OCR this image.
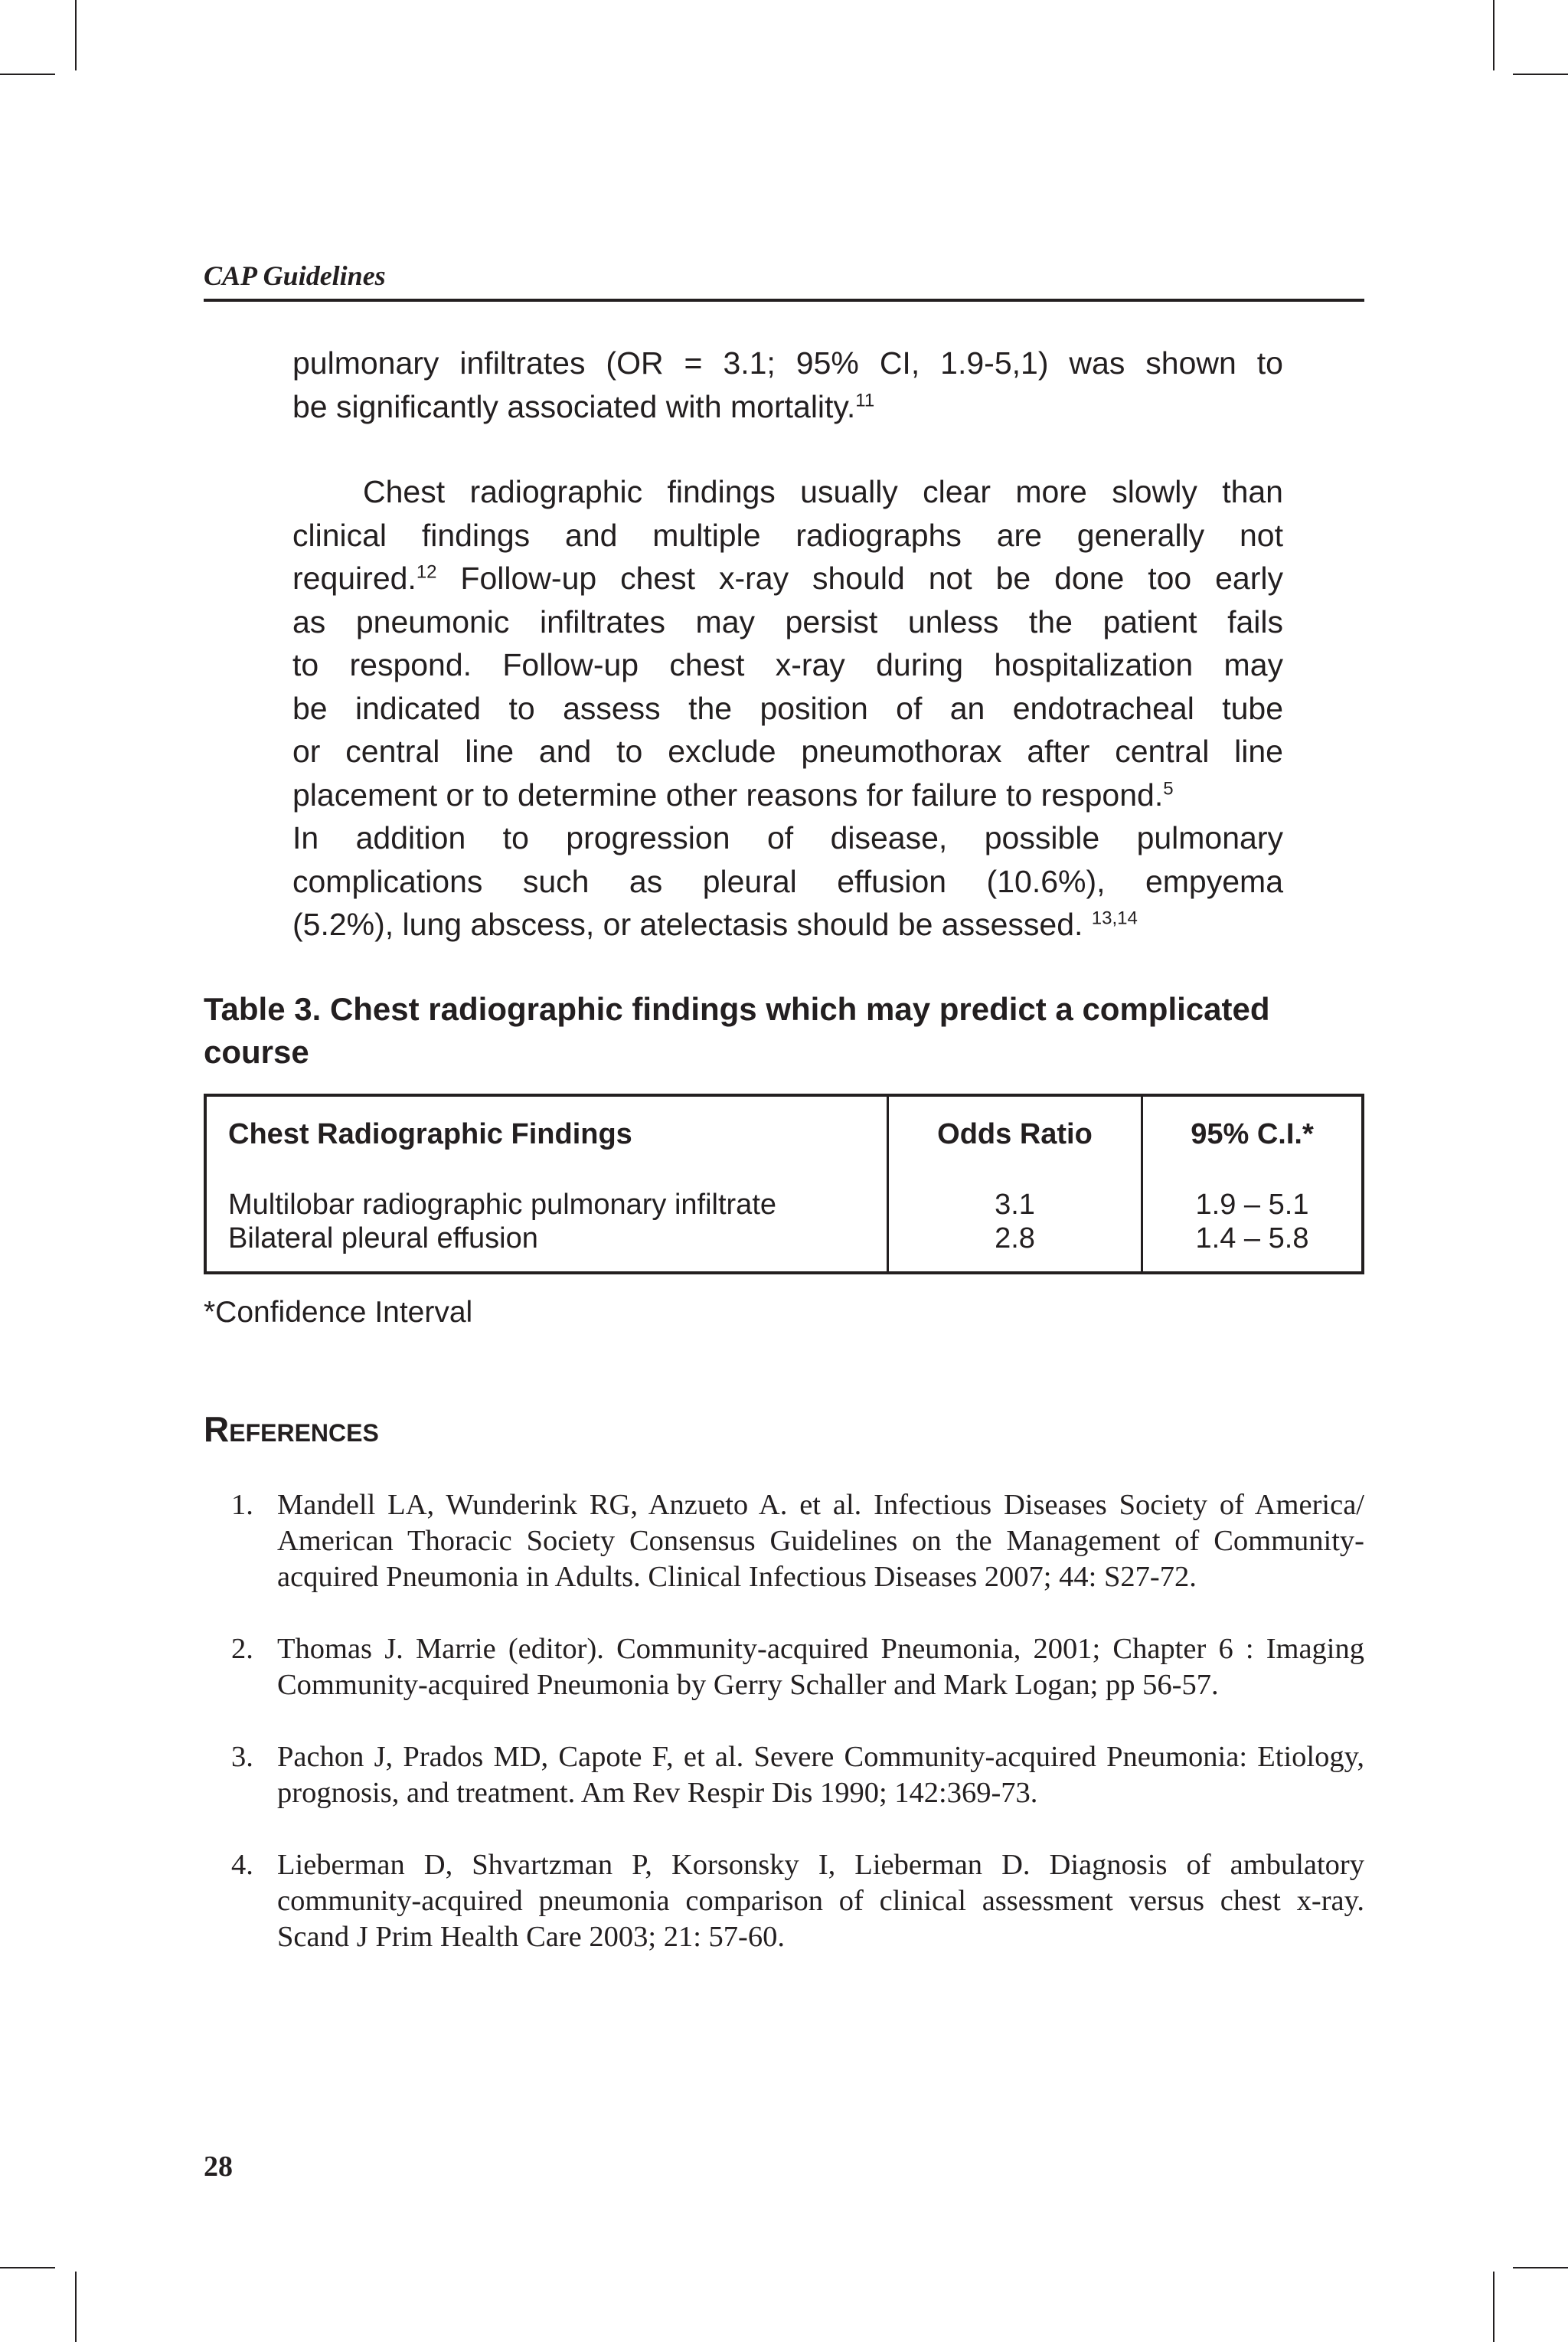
CAP Guidelines
pulmonary infiltrates (OR = 3.1; 95% CI, 1.9-5,1) was shown to
be significantly associated with mortality.$^{11}$
Chest radiographic findings usually clear more slowly than
clinical findings and multiple radiographs are generally not
required.$^{12}$ Follow-up chest x-ray should not be done too early
as pneumonic infiltrates may persist unless the patient fails
to respond. Follow-up chest x-ray during hospitalization may
be indicated to assess the position of an endotracheal tube
or central line and to exclude pneumothorax after central line
placement or to determine other reasons for failure to respond.$^5$
In addition to progression of disease, possible pulmonary
complications such as pleural effusion (10.6%), empyema
(5.2%), lung abscess, or atelectasis should be assessed. $^{13,14}$
Table 3. Chest radiographic findings which may predict a complicated
course
Chest Radiographic Findings	Odds Ratio	95% C.I.*
Multilobar radiographic pulmonary infiltrate	3.1	1.9 – 5.1
Bilateral pleural effusion	2.8	1.4 – 5.8
*Confidence Interval
References
1. Mandell LA, Wunderink RG, Anzueto A. et al. Infectious Diseases Society of America/ American Thoracic Society Consensus Guidelines on the Management of Community-acquired Pneumonia in Adults. Clinical Infectious Diseases 2007; 44: S27-72.
2. Thomas J. Marrie (editor). Community-acquired Pneumonia, 2001; Chapter 6 : Imaging Community-acquired Pneumonia by Gerry Schaller and Mark Logan; pp 56-57.
3. Pachon J, Prados MD, Capote F, et al. Severe Community-acquired Pneumonia: Etiology, prognosis, and treatment. Am Rev Respir Dis 1990; 142:369-73.
4. Lieberman D, Shvartzman P, Korsonsky I, Lieberman D. Diagnosis of ambulatory community-acquired pneumonia comparison of clinical assessment versus chest x-ray. Scand J Prim Health Care 2003; 21: 57-60.
28
